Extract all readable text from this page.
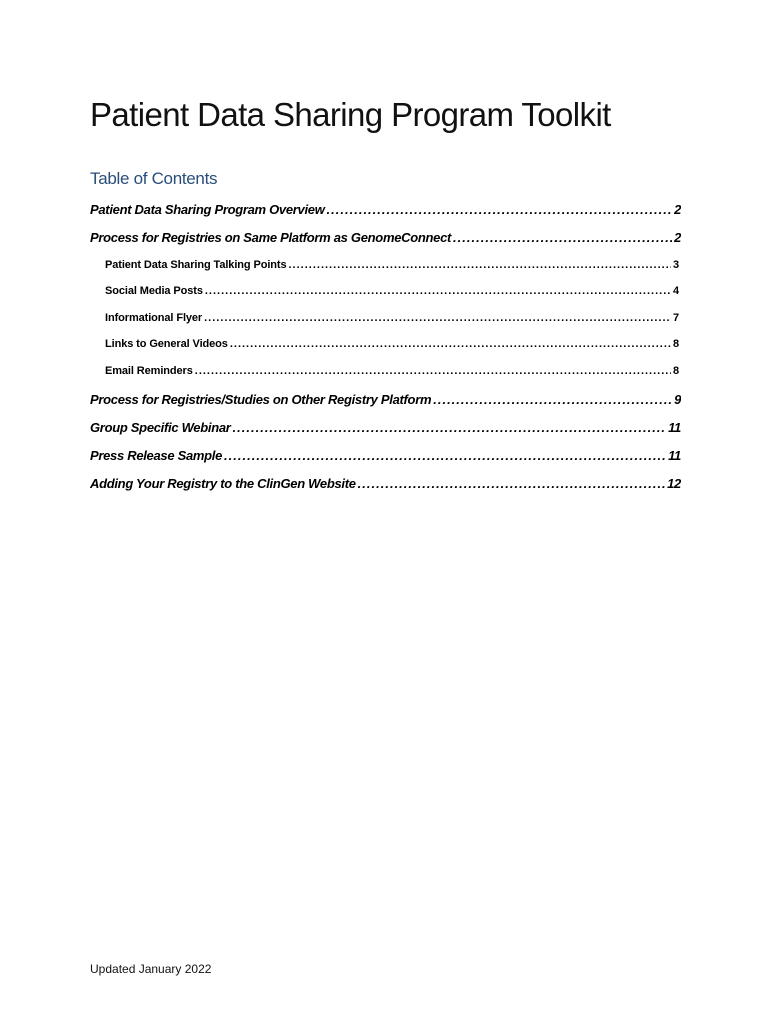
Patient Data Sharing Program Toolkit
Table of Contents
Patient Data Sharing Program Overview .....	2
Process for Registries on Same Platform as GenomeConnect .....	2
Patient Data Sharing Talking Points .....	3
Social Media Posts .....	4
Informational Flyer .....	7
Links to General Videos .....	8
Email Reminders .....	8
Process for Registries/Studies on Other Registry Platform .....	9
Group Specific Webinar .....	11
Press Release Sample .....	11
Adding Your Registry to the ClinGen Website .....	12
Updated January 2022
